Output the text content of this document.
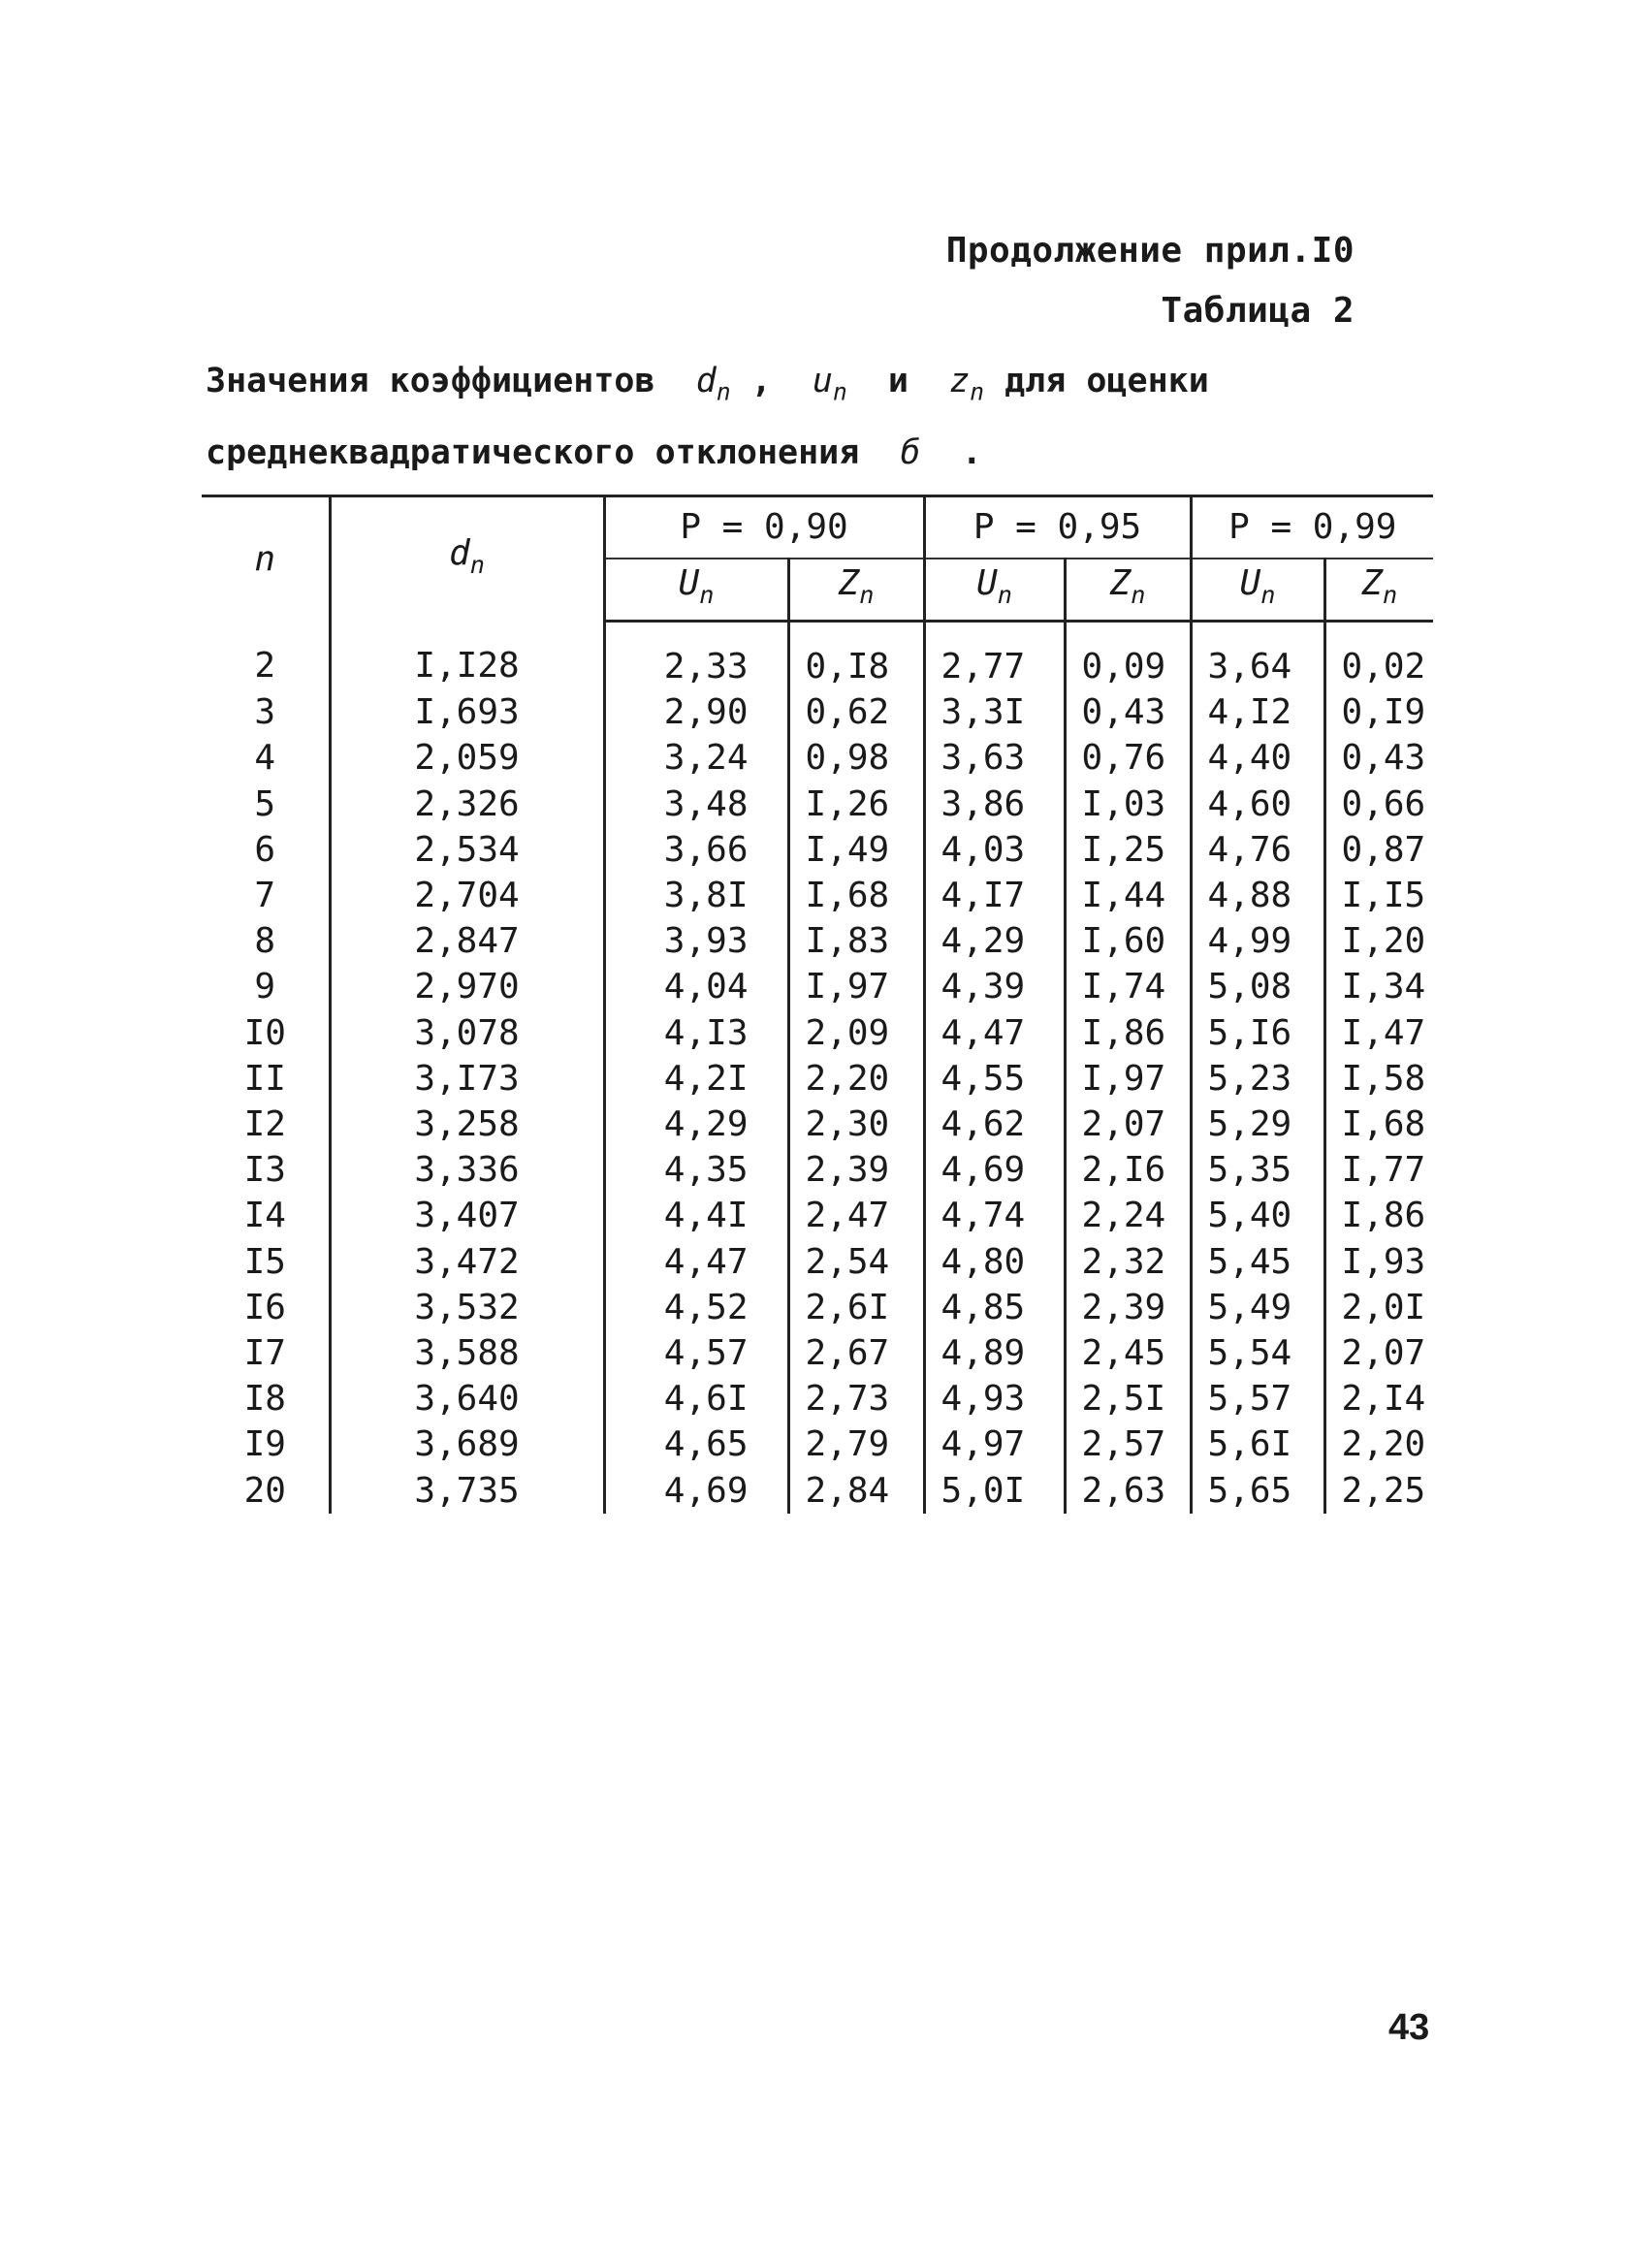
Продолжение прил.I0
Таблица 2
Значения коэффициентов $d_n$ , $u_n$ и $z_n$ для оценки
среднеквадратического отклонения б .
n	$d_n$	P = 0,90		P = 0,95		P = 0,99	
		$U_n$	$Z_n$	$U_n$	$Z_n$	$U_n$	$Z_n$
2	I,I28	2,33	0,I8	2,77	0,09	3,64	0,02
3	I,693	2,90	0,62	3,3I	0,43	4,I2	0,I9
4	2,059	3,24	0,98	3,63	0,76	4,40	0,43
5	2,326	3,48	I,26	3,86	I,03	4,60	0,66
6	2,534	3,66	I,49	4,03	I,25	4,76	0,87
7	2,704	3,8I	I,68	4,I7	I,44	4,88	I,I5
8	2,847	3,93	I,83	4,29	I,60	4,99	I,20
9	2,970	4,04	I,97	4,39	I,74	5,08	I,34
I0	3,078	4,I3	2,09	4,47	I,86	5,I6	I,47
II	3,I73	4,2I	2,20	4,55	I,97	5,23	I,58
I2	3,258	4,29	2,30	4,62	2,07	5,29	I,68
I3	3,336	4,35	2,39	4,69	2,I6	5,35	I,77
I4	3,407	4,4I	2,47	4,74	2,24	5,40	I,86
I5	3,472	4,47	2,54	4,80	2,32	5,45	I,93
I6	3,532	4,52	2,6I	4,85	2,39	5,49	2,0I
I7	3,588	4,57	2,67	4,89	2,45	5,54	2,07
I8	3,640	4,6I	2,73	4,93	2,5I	5,57	2,I4
I9	3,689	4,65	2,79	4,97	2,57	5,6I	2,20
20	3,735	4,69	2,84	5,0I	2,63	5,65	2,25
43
